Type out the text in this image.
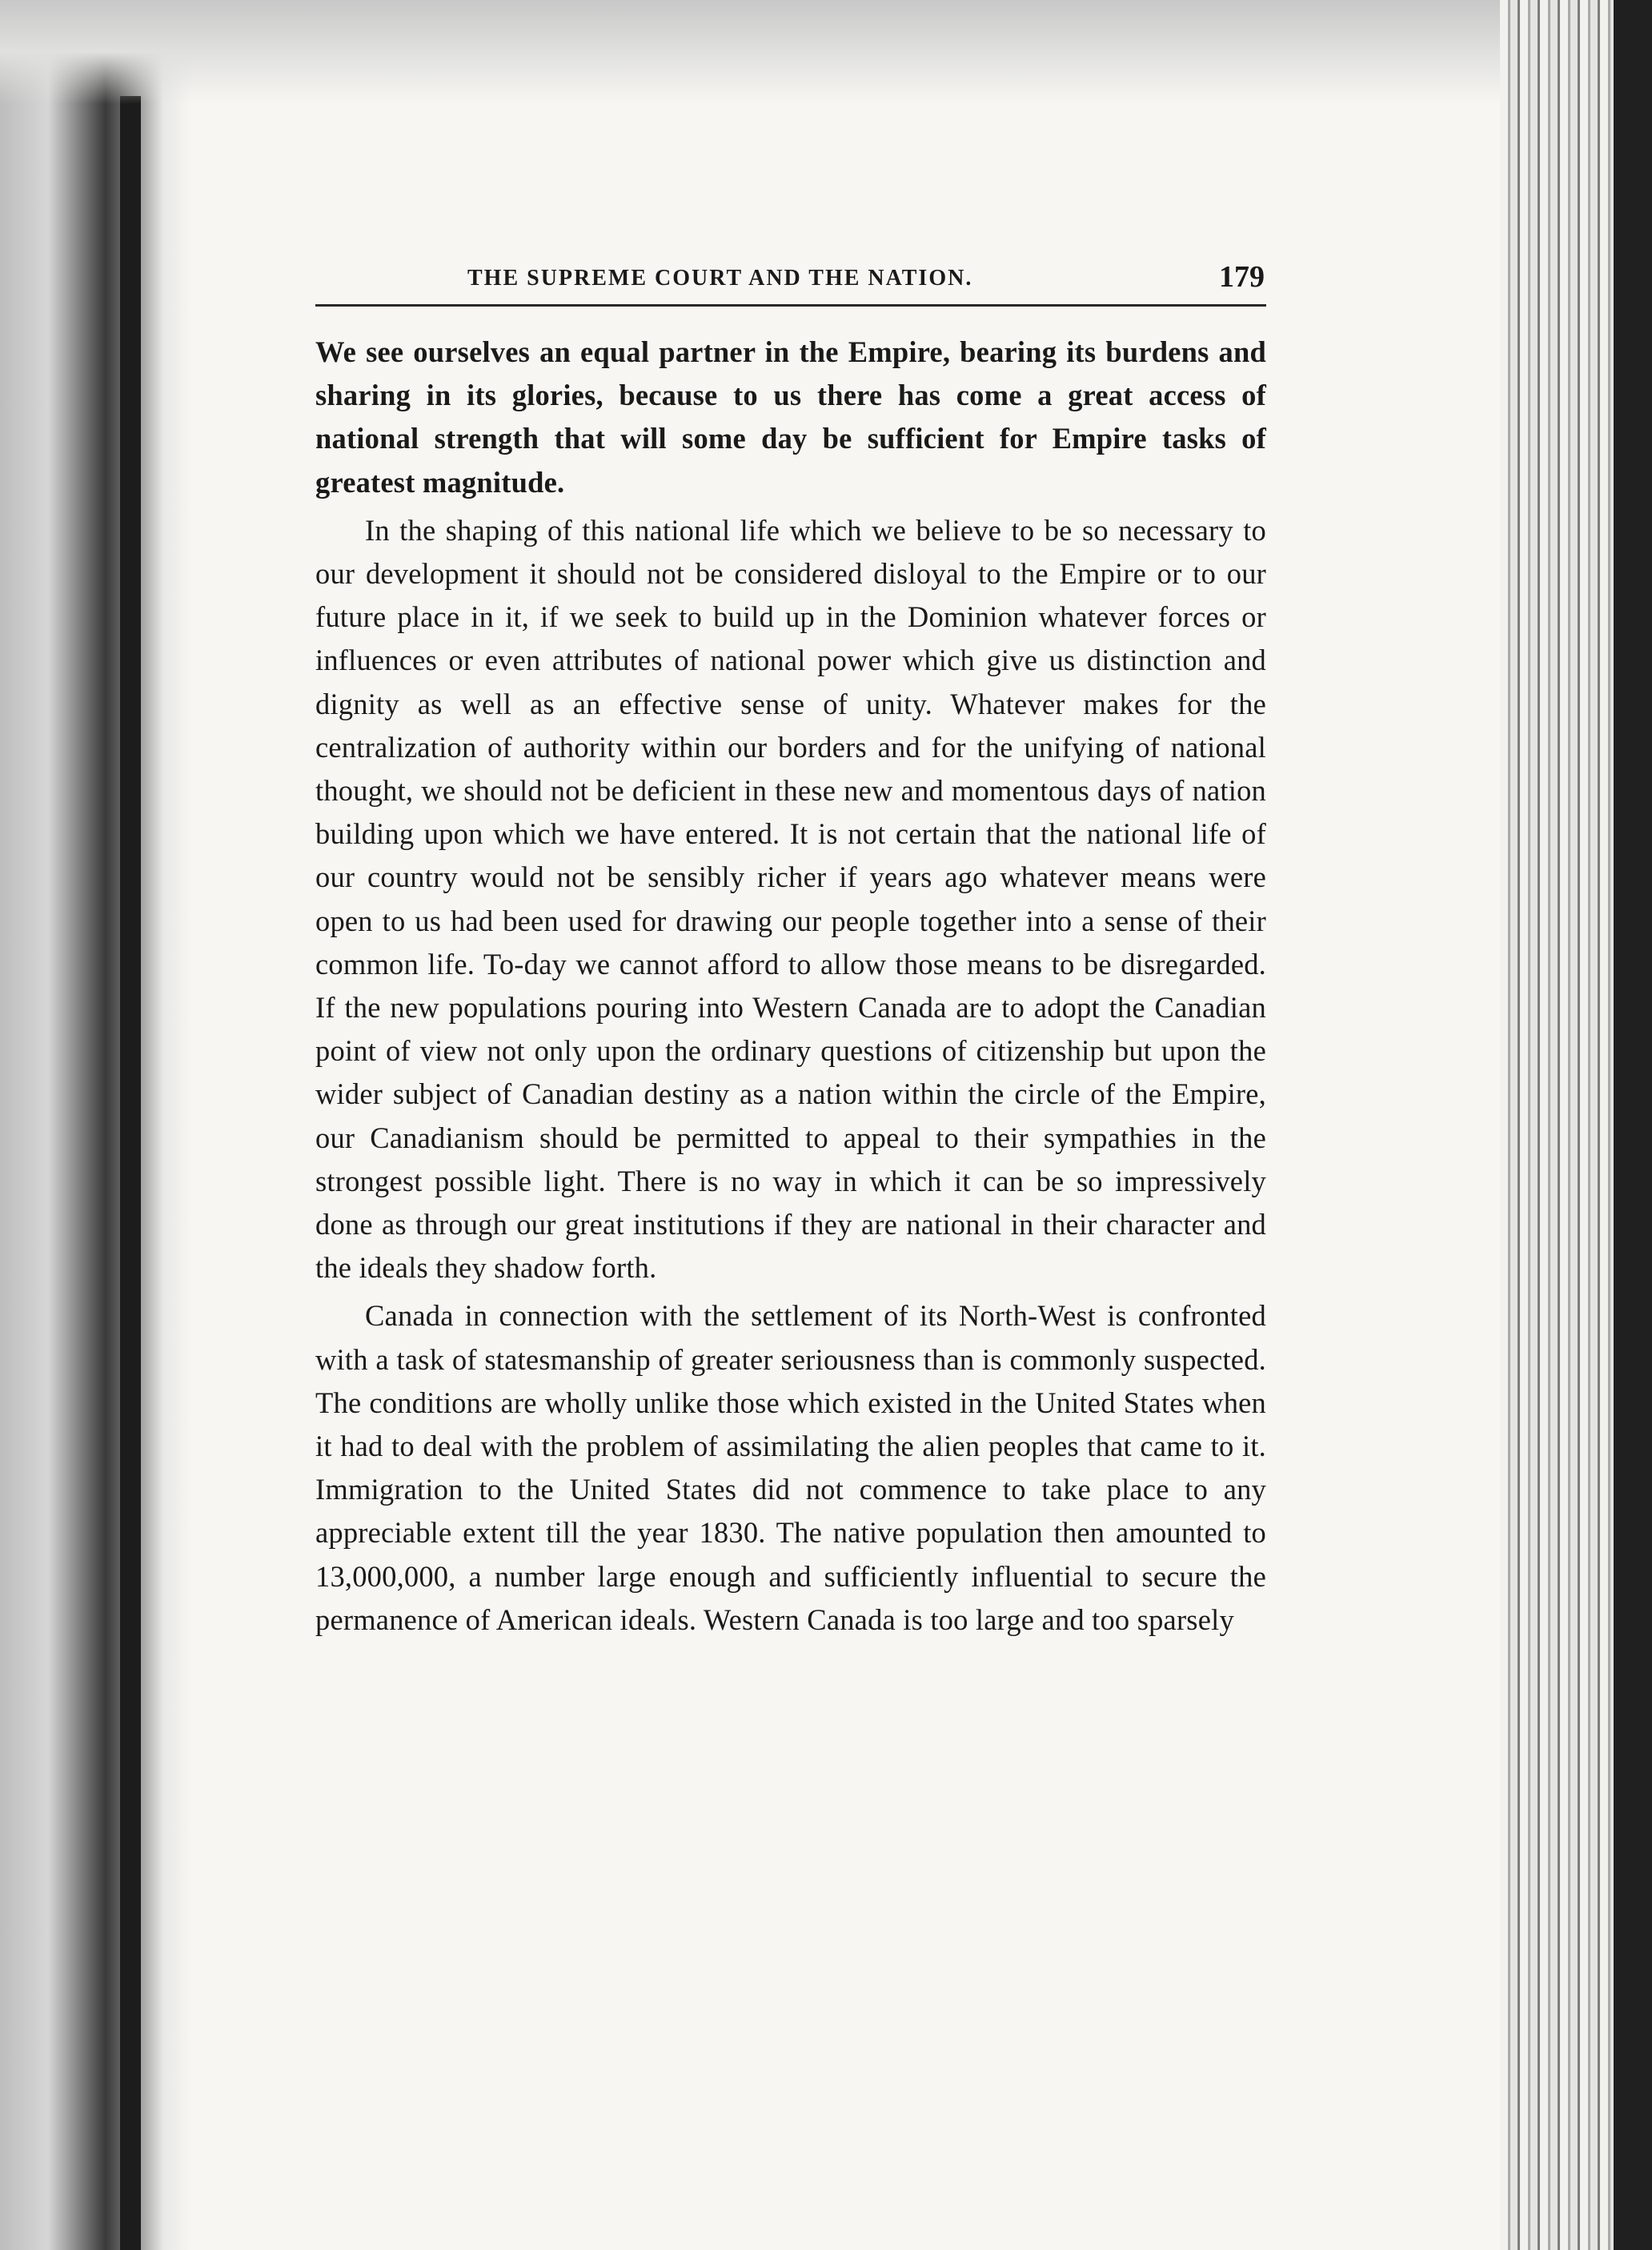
THE SUPREME COURT AND THE NATION.	179

We see ourselves an equal partner in the Empire, bearing its burdens and sharing in its glories, because to us there has come a great access of national strength that will some day be sufficient for Empire tasks of greatest magnitude.

In the shaping of this national life which we believe to be so necessary to our development it should not be considered disloyal to the Empire or to our future place in it, if we seek to build up in the Dominion whatever forces or influences or even attributes of national power which give us distinction and dignity as well as an effective sense of unity. Whatever makes for the centralization of authority within our borders and for the unifying of national thought, we should not be deficient in these new and momentous days of nation building upon which we have entered. It is not certain that the national life of our country would not be sensibly richer if years ago whatever means were open to us had been used for drawing our people together into a sense of their common life. To-day we cannot afford to allow those means to be disregarded. If the new populations pouring into Western Canada are to adopt the Canadian point of view not only upon the ordinary questions of citizenship but upon the wider subject of Canadian destiny as a nation within the circle of the Empire, our Canadianism should be permitted to appeal to their sympathies in the strongest possible light. There is no way in which it can be so impressively done as through our great institutions if they are national in their character and the ideals they shadow forth.

Canada in connection with the settlement of its North-West is confronted with a task of statesmanship of greater seriousness than is commonly suspected. The conditions are wholly unlike those which existed in the United States when it had to deal with the problem of assimilating the alien peoples that came to it. Immigration to the United States did not commence to take place to any appreciable extent till the year 1830. The native population then amounted to 13,000,000, a number large enough and sufficiently influential to secure the permanence of American ideals. Western Canada is too large and too sparsely
